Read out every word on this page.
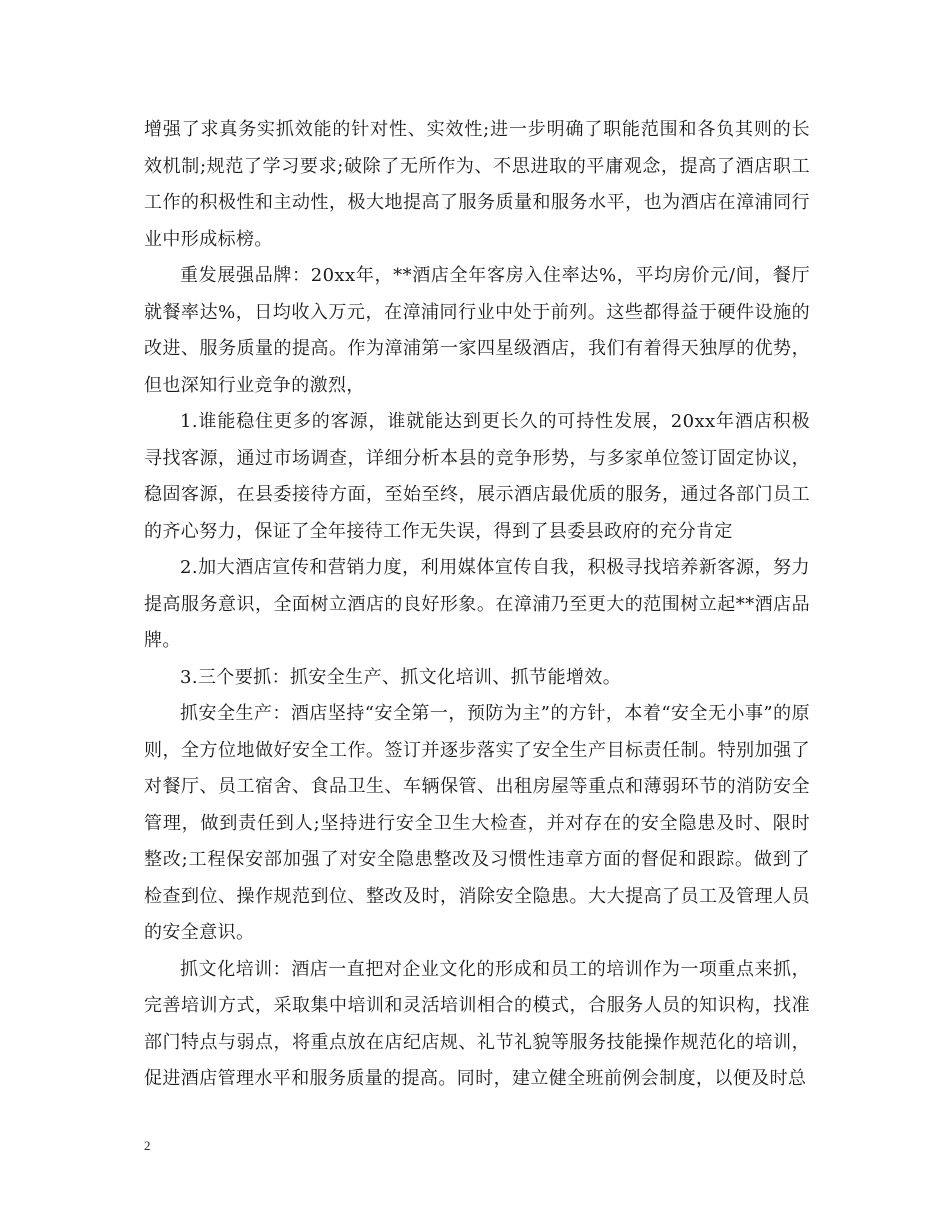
增强了求真务实抓效能的针对性、实效性;进一步明确了职能范围和各负其则的长效机制;规范了学习要求;破除了无所作为、不思进取的平庸观念，提高了酒店职工工作的积极性和主动性，极大地提高了服务质量和服务水平，也为酒店在漳浦同行业中形成标榜。

重发展强品牌：20xx年，**酒店全年客房入住率达%，平均房价元/间，餐厅就餐率达%，日均收入万元，在漳浦同行业中处于前列。这些都得益于硬件设施的改进、服务质量的提高。作为漳浦第一家四星级酒店，我们有着得天独厚的优势，但也深知行业竞争的激烈，

1.谁能稳住更多的客源，谁就能达到更长久的可持性发展，20xx年酒店积极寻找客源，通过市场调查，详细分析本县的竞争形势，与多家单位签订固定协议，稳固客源，在县委接待方面，至始至终，展示酒店最优质的服务，通过各部门员工的齐心努力，保证了全年接待工作无失误，得到了县委县政府的充分肯定

2.加大酒店宣传和营销力度，利用媒体宣传自我，积极寻找培养新客源，努力提高服务意识，全面树立酒店的良好形象。在漳浦乃至更大的范围树立起**酒店品牌。

3.三个要抓：抓安全生产、抓文化培训、抓节能增效。

抓安全生产：酒店坚持“安全第一，预防为主”的方针，本着“安全无小事”的原则，全方位地做好安全工作。签订并逐步落实了安全生产目标责任制。特别加强了对餐厅、员工宿舍、食品卫生、车辆保管、出租房屋等重点和薄弱环节的消防安全管理，做到责任到人;坚持进行安全卫生大检查，并对存在的安全隐患及时、限时整改;工程保安部加强了对安全隐患整改及习惯性违章方面的督促和跟踪。做到了检查到位、操作规范到位、整改及时，消除安全隐患。大大提高了员工及管理人员的安全意识。

抓文化培训：酒店一直把对企业文化的形成和员工的培训作为一项重点来抓，完善培训方式，采取集中培训和灵活培训相合的模式，合服务人员的知识构，找准部门特点与弱点，将重点放在店纪店规、礼节礼貌等服务技能操作规范化的培训，促进酒店管理水平和服务质量的提高。同时，建立健全班前例会制度，以便及时总

2
